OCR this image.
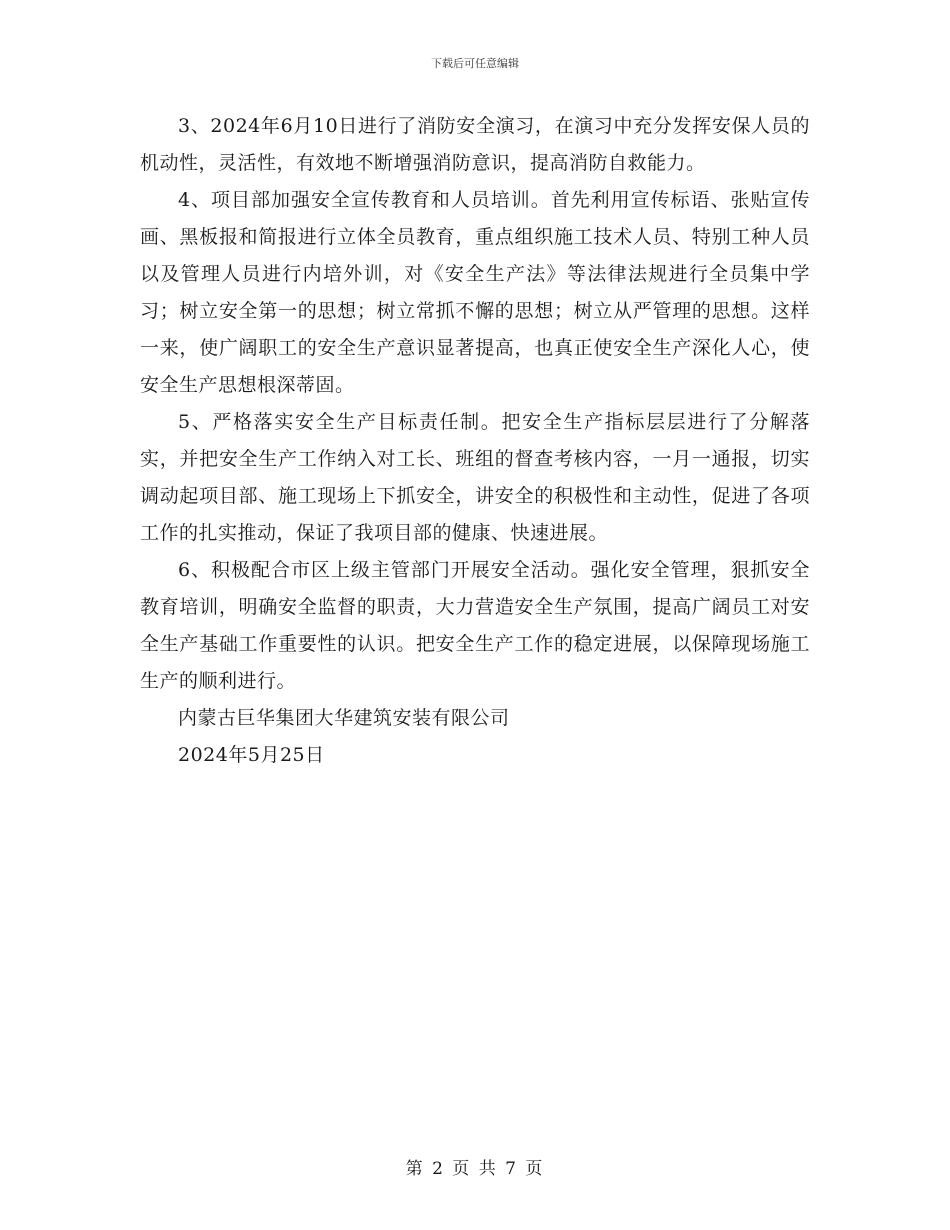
下载后可任意编辑

3、2024年6月10日进行了消防安全演习，在演习中充分发挥安保人员的机动性，灵活性，有效地不断增强消防意识，提高消防自救能力。

4、项目部加强安全宣传教育和人员培训。首先利用宣传标语、张贴宣传画、黑板报和简报进行立体全员教育，重点组织施工技术人员、特别工种人员以及管理人员进行内培外训，对《安全生产法》等法律法规进行全员集中学习；树立安全第一的思想；树立常抓不懈的思想；树立从严管理的思想。这样一来，使广阔职工的安全生产意识显著提高，也真正使安全生产深化人心，使安全生产思想根深蒂固。

5、严格落实安全生产目标责任制。把安全生产指标层层进行了分解落实，并把安全生产工作纳入对工长、班组的督查考核内容，一月一通报，切实调动起项目部、施工现场上下抓安全，讲安全的积极性和主动性，促进了各项工作的扎实推动，保证了我项目部的健康、快速进展。

6、积极配合市区上级主管部门开展安全活动。强化安全管理，狠抓安全教育培训，明确安全监督的职责，大力营造安全生产氛围，提高广阔员工对安全生产基础工作重要性的认识。把安全生产工作的稳定进展，以保障现场施工生产的顺利进行。

内蒙古巨华集团大华建筑安装有限公司

2024年5月25日

第 2 页 共 7 页
